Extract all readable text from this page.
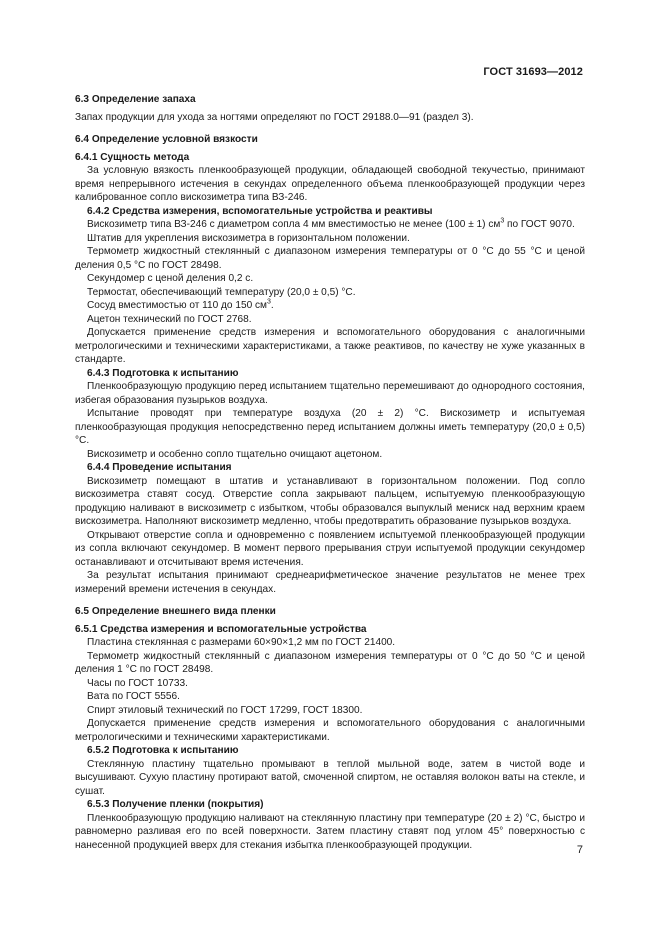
ГОСТ 31693—2012

6.3 Определение запаха

Запах продукции для ухода за ногтями определяют по ГОСТ 29188.0—91 (раздел 3).

6.4 Определение условной вязкости

6.4.1 Сущность метода

За условную вязкость пленкообразующей продукции, обладающей свободной текучестью, принимают время непрерывного истечения в секундах определенного объема пленкообразующей продукции через калиброванное сопло вискозиметра типа ВЗ-246.

6.4.2 Средства измерения, вспомогательные устройства и реактивы

Вискозиметр типа ВЗ-246 с диаметром сопла 4 мм вместимостью не менее (100 ± 1) $см^3$ по ГОСТ 9070.

Штатив для укрепления вискозиметра в горизонтальном положении.

Термометр жидкостный стеклянный с диапазоном измерения температуры от 0 °С до 55 °С и ценой деления 0,5 °С по ГОСТ 28498.

Секундомер с ценой деления 0,2 с.

Термостат, обеспечивающий температуру (20,0 ± 0,5) °С.

Сосуд вместимостью от 110 до 150 $см^3$.

Ацетон технический по ГОСТ 2768.

Допускается применение средств измерения и вспомогательного оборудования с аналогичными метрологическими и техническими характеристиками, а также реактивов, по качеству не хуже указанных в стандарте.

6.4.3 Подготовка к испытанию

Пленкообразующую продукцию перед испытанием тщательно перемешивают до однородного состояния, избегая образования пузырьков воздуха.

Испытание проводят при температуре воздуха (20 ± 2) °С. Вискозиметр и испытуемая пленкообразующая продукция непосредственно перед испытанием должны иметь температуру (20,0 ± 0,5) °С.

Вискозиметр и особенно сопло тщательно очищают ацетоном.

6.4.4 Проведение испытания

Вискозиметр помещают в штатив и устанавливают в горизонтальном положении. Под сопло вискозиметра ставят сосуд. Отверстие сопла закрывают пальцем, испытуемую пленкообразующую продукцию наливают в вискозиметр с избытком, чтобы образовался выпуклый мениск над верхним краем вискозиметра. Наполняют вискозиметр медленно, чтобы предотвратить образование пузырьков воздуха.

Открывают отверстие сопла и одновременно с появлением испытуемой пленкообразующей продукции из сопла включают секундомер. В момент первого прерывания струи испытуемой продукции секундомер останавливают и отсчитывают время истечения.

За результат испытания принимают среднеарифметическое значение результатов не менее трех измерений времени истечения в секундах.

6.5 Определение внешнего вида пленки

6.5.1 Средства измерения и вспомогательные устройства

Пластина стеклянная с размерами 60×90×1,2 мм по ГОСТ 21400.

Термометр жидкостный стеклянный с диапазоном измерения температуры от 0 °С до 50 °С и ценой деления 1 °С по ГОСТ 28498.

Часы по ГОСТ 10733.

Вата по ГОСТ 5556.

Спирт этиловый технический по ГОСТ 17299, ГОСТ 18300.

Допускается применение средств измерения и вспомогательного оборудования с аналогичными метрологическими и техническими характеристиками.

6.5.2 Подготовка к испытанию

Стеклянную пластину тщательно промывают в теплой мыльной воде, затем в чистой воде и высушивают. Сухую пластину протирают ватой, смоченной спиртом, не оставляя волокон ваты на стекле, и сушат.

6.5.3 Получение пленки (покрытия)

Пленкообразующую продукцию наливают на стеклянную пластину при температуре (20 ± 2) °С, быстро и равномерно разливая его по всей поверхности. Затем пластину ставят под углом 45° поверхностью с нанесенной продукцией вверх для стекания избытка пленкообразующей продукции.	7
